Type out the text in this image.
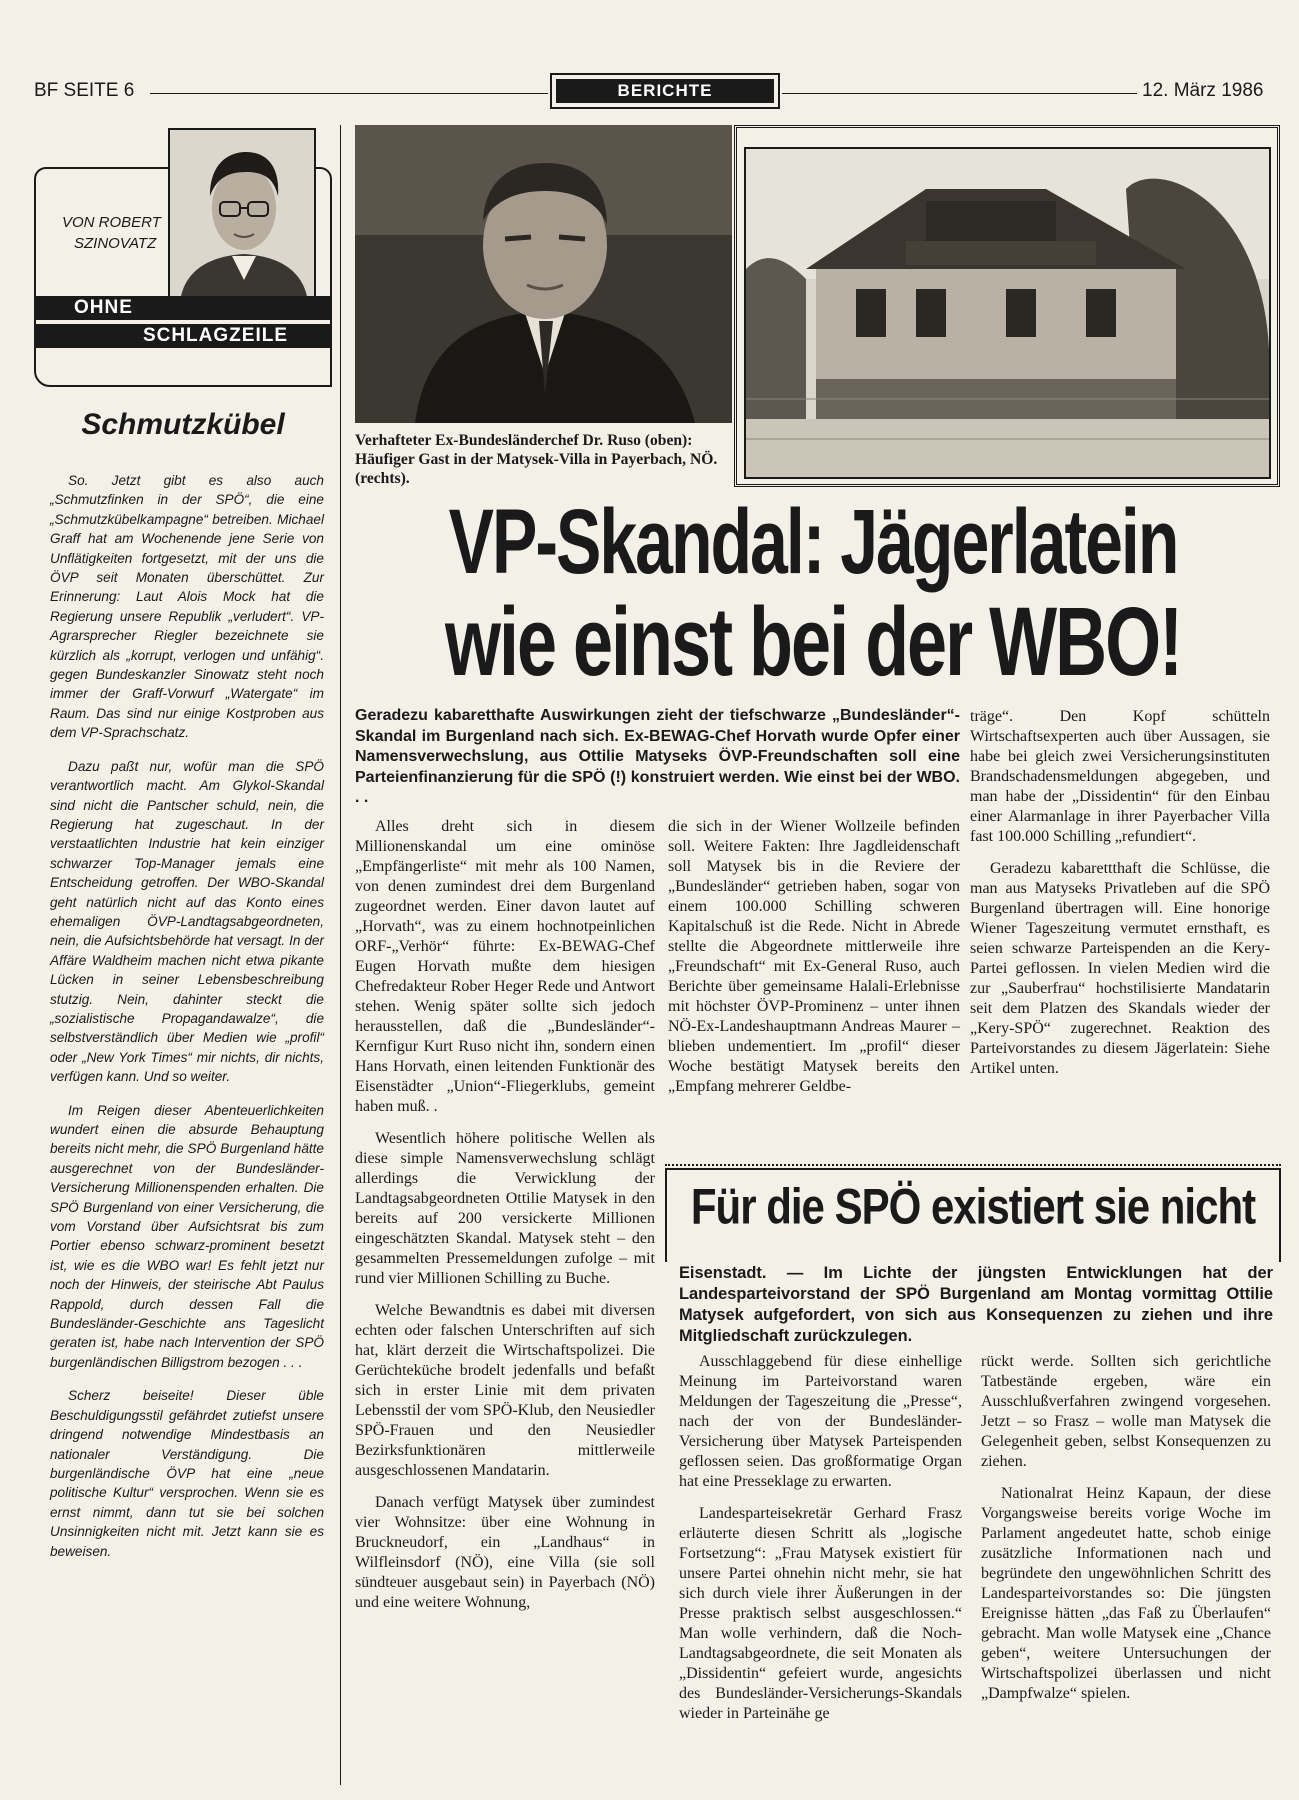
BF SEITE 6	BERICHTE	12. März 1986
VON ROBERT
SZINOVATZ
OHNE
SCHLAGZEILE
Schmutzkübel

So. Jetzt gibt es also auch „Schmutzfinken in der SPÖ“, die eine „Schmutzkübelkampagne“ betreiben. Michael Graff hat am Wochenende jene Serie von Unflätigkeiten fortgesetzt, mit der uns die ÖVP seit Monaten überschüttet. Zur Erinnerung: Laut Alois Mock hat die Regierung unsere Republik „verludert“. VP-Agrarsprecher Riegler bezeichnete sie kürzlich als „korrupt, verlogen und unfähig“. gegen Bundeskanzler Sinowatz steht noch immer der Graff-Vorwurf „Watergate“ im Raum. Das sind nur einige Kostproben aus dem VP-Sprachschatz.

Dazu paßt nur, wofür man die SPÖ verantwortlich macht. Am Glykol-Skandal sind nicht die Pantscher schuld, nein, die Regierung hat zugeschaut. In der verstaatlichten Industrie hat kein einziger schwarzer Top-Manager jemals eine Entscheidung getroffen. Der WBO-Skandal geht natürlich nicht auf das Konto eines ehemaligen ÖVP-Landtagsabgeordneten, nein, die Aufsichtsbehörde hat versagt. In der Affäre Waldheim machen nicht etwa pikante Lücken in seiner Lebensbeschreibung stutzig. Nein, dahinter steckt die „sozialistische Propagandawalze“, die selbstverständlich über Medien wie „profil“ oder „New York Times“ mir nichts, dir nichts, verfügen kann. Und so weiter.

Im Reigen dieser Abenteuerlichkeiten wundert einen die absurde Behauptung bereits nicht mehr, die SPÖ Burgenland hätte ausgerechnet von der Bundesländer-Versicherung Millionenspenden erhalten. Die SPÖ Burgenland von einer Versicherung, die vom Vorstand über Aufsichtsrat bis zum Portier ebenso schwarz-prominent besetzt ist, wie es die WBO war! Es fehlt jetzt nur noch der Hinweis, der steirische Abt Paulus Rappold, durch dessen Fall die Bundesländer-Geschichte ans Tageslicht geraten ist, habe nach Intervention der SPÖ burgenländischen Billigstrom bezogen . . .

Scherz beiseite! Dieser üble Beschuldigungsstil gefährdet zutiefst unsere dringend notwendige Mindestbasis an nationaler Verständigung. Die burgenländische ÖVP hat eine „neue politische Kultur“ versprochen. Wenn sie es ernst nimmt, dann tut sie bei solchen Unsinnigkeiten nicht mit. Jetzt kann sie es beweisen.

Verhafteter Ex-Bundesländerchef Dr. Ruso (oben): Häufiger Gast in der Matysek-Villa in Payerbach, NÖ. (rechts).
VP-Skandal: Jägerlatein
wie einst bei der WBO!
Geradezu kabaretthafte Auswirkungen zieht der tiefschwarze „Bundesländer“-Skandal im Burgenland nach sich. Ex-BEWAG-Chef Horvath wurde Opfer einer Namensverwechslung, aus Ottilie Matyseks ÖVP-Freundschaften soll eine Parteienfinanzierung für die SPÖ (!) konstruiert werden. Wie einst bei der WBO. . .

Alles dreht sich in diesem Millionenskandal um eine ominöse „Empfängerliste“ mit mehr als 100 Namen, von denen zumindest drei dem Burgenland zugeordnet werden. Einer davon lautet auf „Horvath“, was zu einem hochnotpeinlichen ORF-„Verhör“ führte: Ex-BEWAG-Chef Eugen Horvath mußte dem hiesigen Chefredakteur Rober Heger Rede und Antwort stehen. Wenig später sollte sich jedoch herausstellen, daß die „Bundesländer“-Kernfigur Kurt Ruso nicht ihn, sondern einen Hans Horvath, einen leitenden Funktionär des Eisenstädter „Union“-Fliegerklubs, gemeint haben muß. .

Wesentlich höhere politische Wellen als diese simple Namensverwechslung schlägt allerdings die Verwicklung der Landtagsabgeordneten Ottilie Matysek in den bereits auf 200 versickerte Millionen eingeschätzten Skandal. Matysek steht – den gesammelten Pressemeldungen zufolge – mit rund vier Millionen Schilling zu Buche.

Welche Bewandtnis es dabei mit diversen echten oder falschen Unterschriften auf sich hat, klärt derzeit die Wirtschaftspolizei. Die Gerüchteküche brodelt jedenfalls und befaßt sich in erster Linie mit dem privaten Lebensstil der vom SPÖ-Klub, den Neusiedler SPÖ-Frauen und den Neusiedler Bezirksfunktionären mittlerweile ausgeschlossenen Mandatarin.

Danach verfügt Matysek über zumindest vier Wohnsitze: über eine Wohnung in Bruckneudorf, ein „Landhaus“ in Wilfleinsdorf (NÖ), eine Villa (sie soll sündteuer ausgebaut sein) in Payerbach (NÖ) und eine weitere Wohnung,

die sich in der Wiener Wollzeile befinden soll. Weitere Fakten: Ihre Jagdleidenschaft soll Matysek bis in die Reviere der „Bundesländer“ getrieben haben, sogar von einem 100.000 Schilling schweren Kapitalschuß ist die Rede. Nicht in Abrede stellte die Abgeordnete mittlerweile ihre „Freundschaft“ mit Ex-General Ruso, auch Berichte über gemeinsame Halali-Erlebnisse mit höchster ÖVP-Prominenz – unter ihnen NÖ-Ex-Landeshauptmann Andreas Maurer – blieben undementiert. Im „profil“ dieser Woche bestätigt Matysek bereits den „Empfang mehrerer Geldbe-

träge“. Den Kopf schütteln Wirtschaftsexperten auch über Aussagen, sie habe bei gleich zwei Versicherungsinstituten Brandschadensmeldungen abgegeben, und man habe der „Dissidentin“ für den Einbau einer Alarmanlage in ihrer Payerbacher Villa fast 100.000 Schilling „refundiert“.

Geradezu kabarettthaft die Schlüsse, die man aus Matyseks Privatleben auf die SPÖ Burgenland übertragen will. Eine honorige Wiener Tageszeitung vermutet ernsthaft, es seien schwarze Parteispenden an die Kery-Partei geflossen. In vielen Medien wird die zur „Sauberfrau“ hochstilisierte Mandatarin seit dem Platzen des Skandals wieder der „Kery-SPÖ“ zugerechnet. Reaktion des Parteivorstandes zu diesem Jägerlatein: Siehe Artikel unten.

Für die SPÖ existiert sie nicht
Eisenstadt. — Im Lichte der jüngsten Entwicklungen hat der Landesparteivorstand der SPÖ Burgenland am Montag vormittag Ottilie Matysek aufgefordert, von sich aus Konsequenzen zu ziehen und ihre Mitgliedschaft zurückzulegen.

Ausschlaggebend für diese einhellige Meinung im Parteivorstand waren Meldungen der Tageszeitung die „Presse“, nach der von der Bundesländer-Versicherung über Matysek Parteispenden geflossen seien. Das großformatige Organ hat eine Presseklage zu erwarten.

Landesparteisekretär Gerhard Frasz erläuterte diesen Schritt als „logische Fortsetzung“: „Frau Matysek existiert für unsere Partei ohnehin nicht mehr, sie hat sich durch viele ihrer Äußerungen in der Presse praktisch selbst ausgeschlossen.“ Man wolle verhindern, daß die Noch-Landtagsabgeordnete, die seit Monaten als „Dissidentin“ gefeiert wurde, angesichts des Bundesländer-Versicherungs-Skandals wieder in Parteinähe ge

rückt werde. Sollten sich gerichtliche Tatbestände ergeben, wäre ein Ausschlußverfahren zwingend vorgesehen. Jetzt – so Frasz – wolle man Matysek die Gelegenheit geben, selbst Konsequenzen zu ziehen.

Nationalrat Heinz Kapaun, der diese Vorgangsweise bereits vorige Woche im Parlament angedeutet hatte, schob einige zusätzliche Informationen nach und begründete den ungewöhnlichen Schritt des Landesparteivorstandes so: Die jüngsten Ereignisse hätten „das Faß zu Überlaufen“ gebracht. Man wolle Matysek eine „Chance geben“, weitere Untersuchungen der Wirtschaftspolizei überlassen und nicht „Dampfwalze“ spielen.
